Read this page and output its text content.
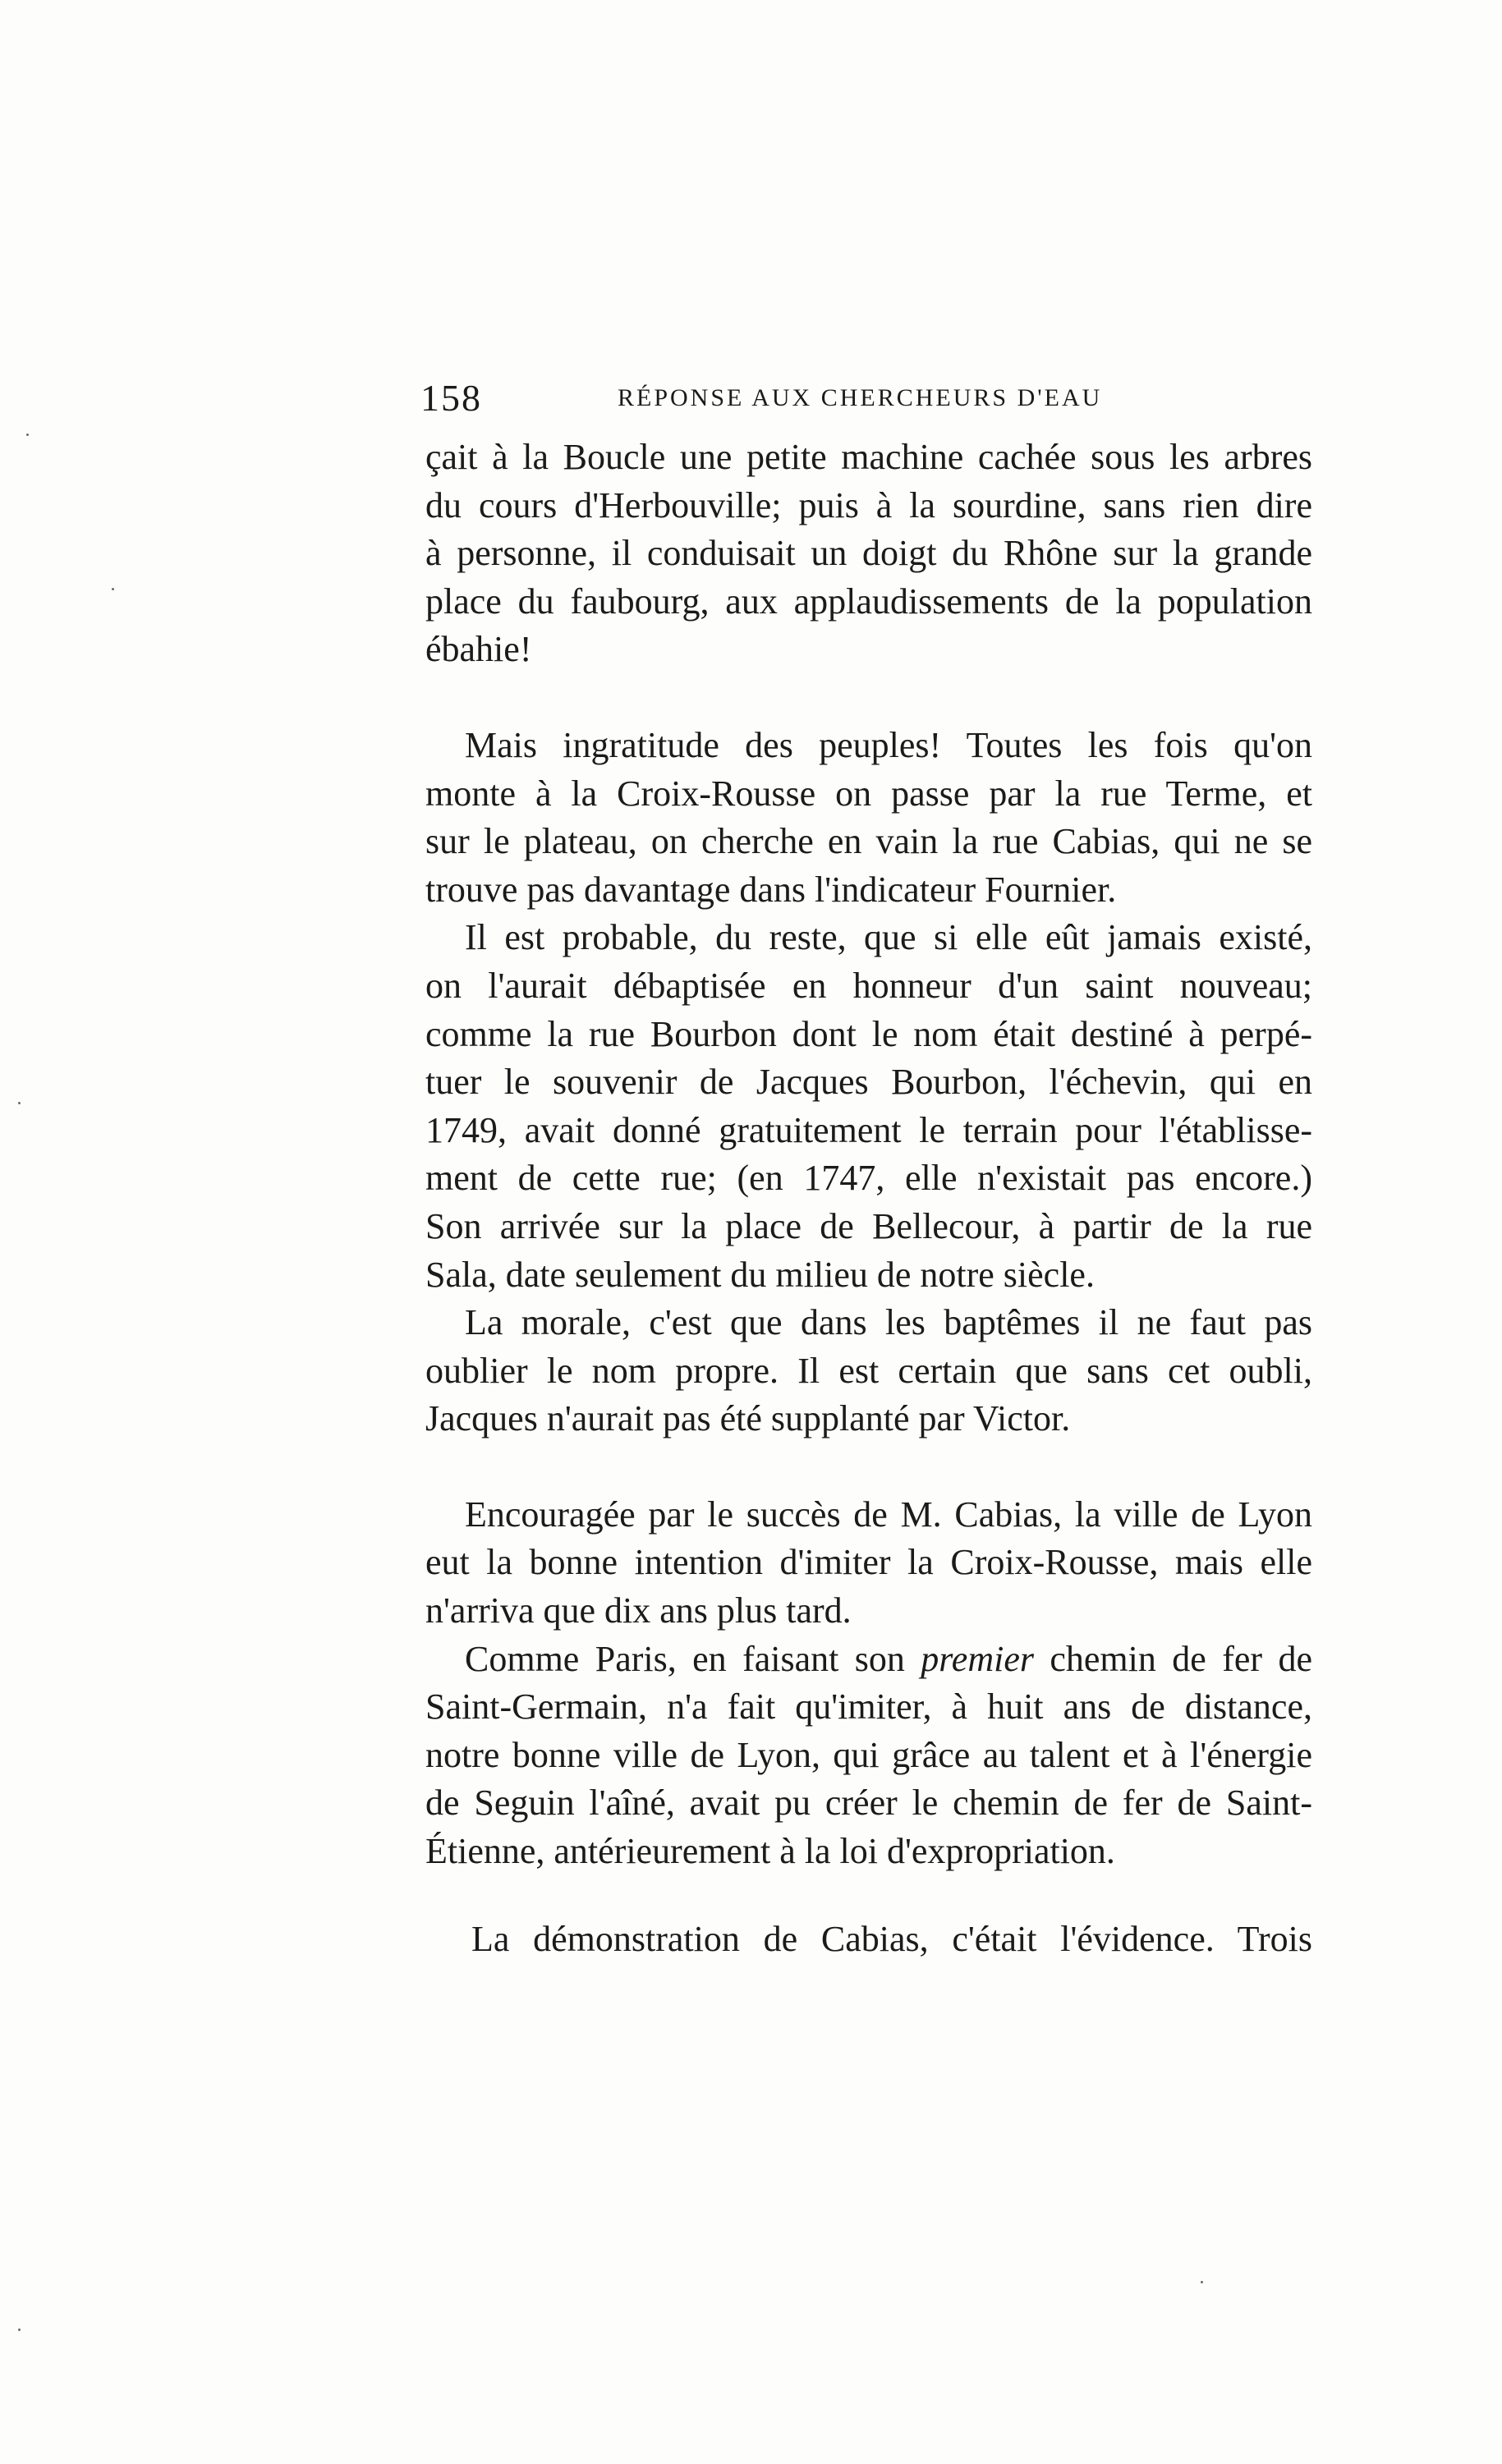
158	RÉPONSE AUX CHERCHEURS D'EAU
çait à la Boucle une petite machine cachée sous les arbres
du cours d'Herbouville; puis à la sourdine, sans rien dire
à personne, il conduisait un doigt du Rhône sur la grande
place du faubourg, aux applaudissements de la population
ébahie!
Mais ingratitude des peuples! Toutes les fois qu'on
monte à la Croix-Rousse on passe par la rue Terme, et
sur le plateau, on cherche en vain la rue Cabias, qui ne se
trouve pas davantage dans l'indicateur Fournier.
Il est probable, du reste, que si elle eût jamais existé,
on l'aurait débaptisée en honneur d'un saint nouveau;
comme la rue Bourbon dont le nom était destiné à perpé-
tuer le souvenir de Jacques Bourbon, l'échevin, qui en
1749, avait donné gratuitement le terrain pour l'établisse-
ment de cette rue; (en 1747, elle n'existait pas encore.)
Son arrivée sur la place de Bellecour, à partir de la rue
Sala, date seulement du milieu de notre siècle.
La morale, c'est que dans les baptêmes il ne faut pas
oublier le nom propre. Il est certain que sans cet oubli,
Jacques n'aurait pas été supplanté par Victor.
Encouragée par le succès de M. Cabias, la ville de Lyon
eut la bonne intention d'imiter la Croix-Rousse, mais elle
n'arriva que dix ans plus tard.
Comme Paris, en faisant son premier chemin de fer de
Saint-Germain, n'a fait qu'imiter, à huit ans de distance,
notre bonne ville de Lyon, qui grâce au talent et à l'énergie
de Seguin l'aîné, avait pu créer le chemin de fer de Saint-
Étienne, antérieurement à la loi d'expropriation.
La démonstration de Cabias, c'était l'évidence. Trois
